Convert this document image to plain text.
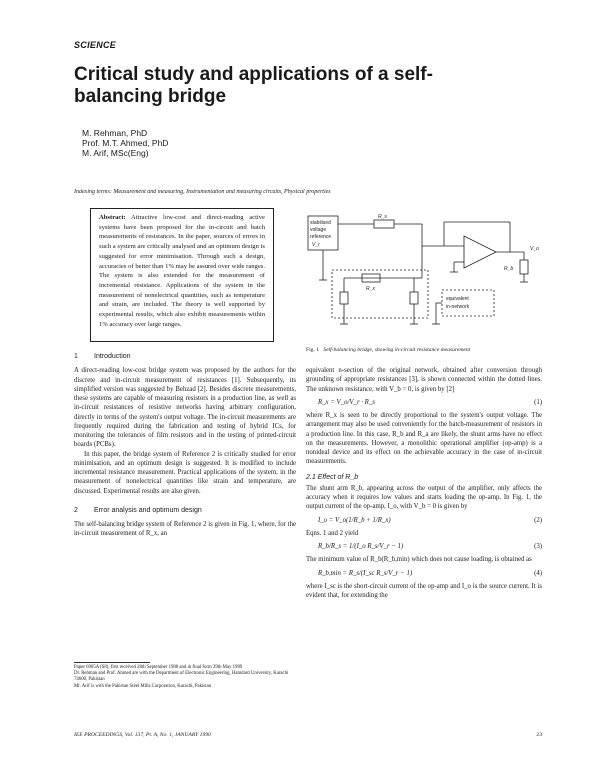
SCIENCE
Critical study and applications of a self-balancing bridge
M. Rehman, PhD
Prof. M.T. Ahmed, PhD
M. Arif, MSc(Eng)
Indexing terms: Measurement and measuring, Instrumentation and measuring circuits, Physical properties
Abstract: Attractive low-cost and direct-reading active systems have been proposed for the in-circuit and batch measurements of resistances. In the paper, sources of errors in such a system are critically analysed and an optimum design is suggested for error minimisation. Through such a design, accuracies of better than 1% may be assured over wide ranges. The system is also extended for the measurement of incremental resistance. Applications of the system in the measurement of nonelectrical quantities, such as temperature and strain, are included. The theory is well supported by experimental results, which also exhibit measurements within 1% accuracy over large ranges.
stabilised
voltage
reference
V_r
R_s
R_x
V_o
R_b
equivalent
in-network
Fig. 1 Self-balancing bridge, showing in-circuit resistance measurement
1 Introduction

A direct-reading low-cost bridge system was proposed by the authors for the discrete and in-circuit measurement of resistances [1]. Subsequently, its simplified version was suggested by Behzad [2]. Besides discrete measurements, these systems are capable of measuring resistors in a production line, as well as in-circuit resistances of resistive networks having arbitrary configuration, directly in terms of the system's output voltage. The in-circuit measurements are frequently required during the fabrication and testing of hybrid ICs, for monitoring the tolerances of film resistors and in the testing of printed-circuit boards (PCBs).

In this paper, the bridge system of Reference 2 is critically studied for error minimisation, and an optimum design is suggested. It is modified to include incremental resistance measurement. Practical applications of the system, in the measurement of nonelectrical quantities like strain and temperature, are discussed. Experimental results are also given.

2 Error analysis and optimum design

The self-balancing bridge system of Reference 2 is given in Fig. 1, where, for the in-circuit measurement of R_x, an

Paper 6905A (S8), first received 28th September 1988 and in final form 29th May 1989
Dr. Rehman and Prof. Ahmed are with the Department of Electronic Engineering, Hamdard University, Karachi 74600, Pakistan
Mr. Arif is with the Pakistan Steel Mills Corporation, Karachi, Pakistan

equivalent n-section of the original network, obtained after conversion through grounding of appropriate resistances [3], is shown connected within the dotted lines. The unknown resistance, with V_b = 0, is given by [2]

R_x = V_o/V_r · R_s	(1)

where R_x is seen to be directly proportional to the system's output voltage. The arrangement may also be used conveniently for the batch-measurement of resistors in a production line. In this case, R_b and R_a are likely, the shunt arms have no effect on the measurements. However, a monolithic operational amplifier (op-amp) is a nonideal device and its effect on the achievable accuracy in the case of in-circuit measurements.

2.1 Effect of R_b

The shunt arm R_b, appearing across the output of the amplifier, only affects the accuracy when it requires low values and starts loading the op-amp. In Fig. 1, the output current of the op-amp, I_o, with V_b = 0 is given by

I_o = V_o(1/R_b + 1/R_x)	(2)

Eqns. 1 and 2 yield

R_b/R_s = 1/(I_o R_s/V_r − 1)	(3)

The minimum value of R_b(R_b,min) which does not cause loading, is obtained as

R_b,min = R_s/(I_sc R_s/V_r − 1)	(4)

where I_sc is the short-circuit current of the op-amp and I_o is the source current. It is evident that, for extending the

IEE PROCEEDINGS, Vol. 137, Pt. A, No. 1, JANUARY 1990	23
